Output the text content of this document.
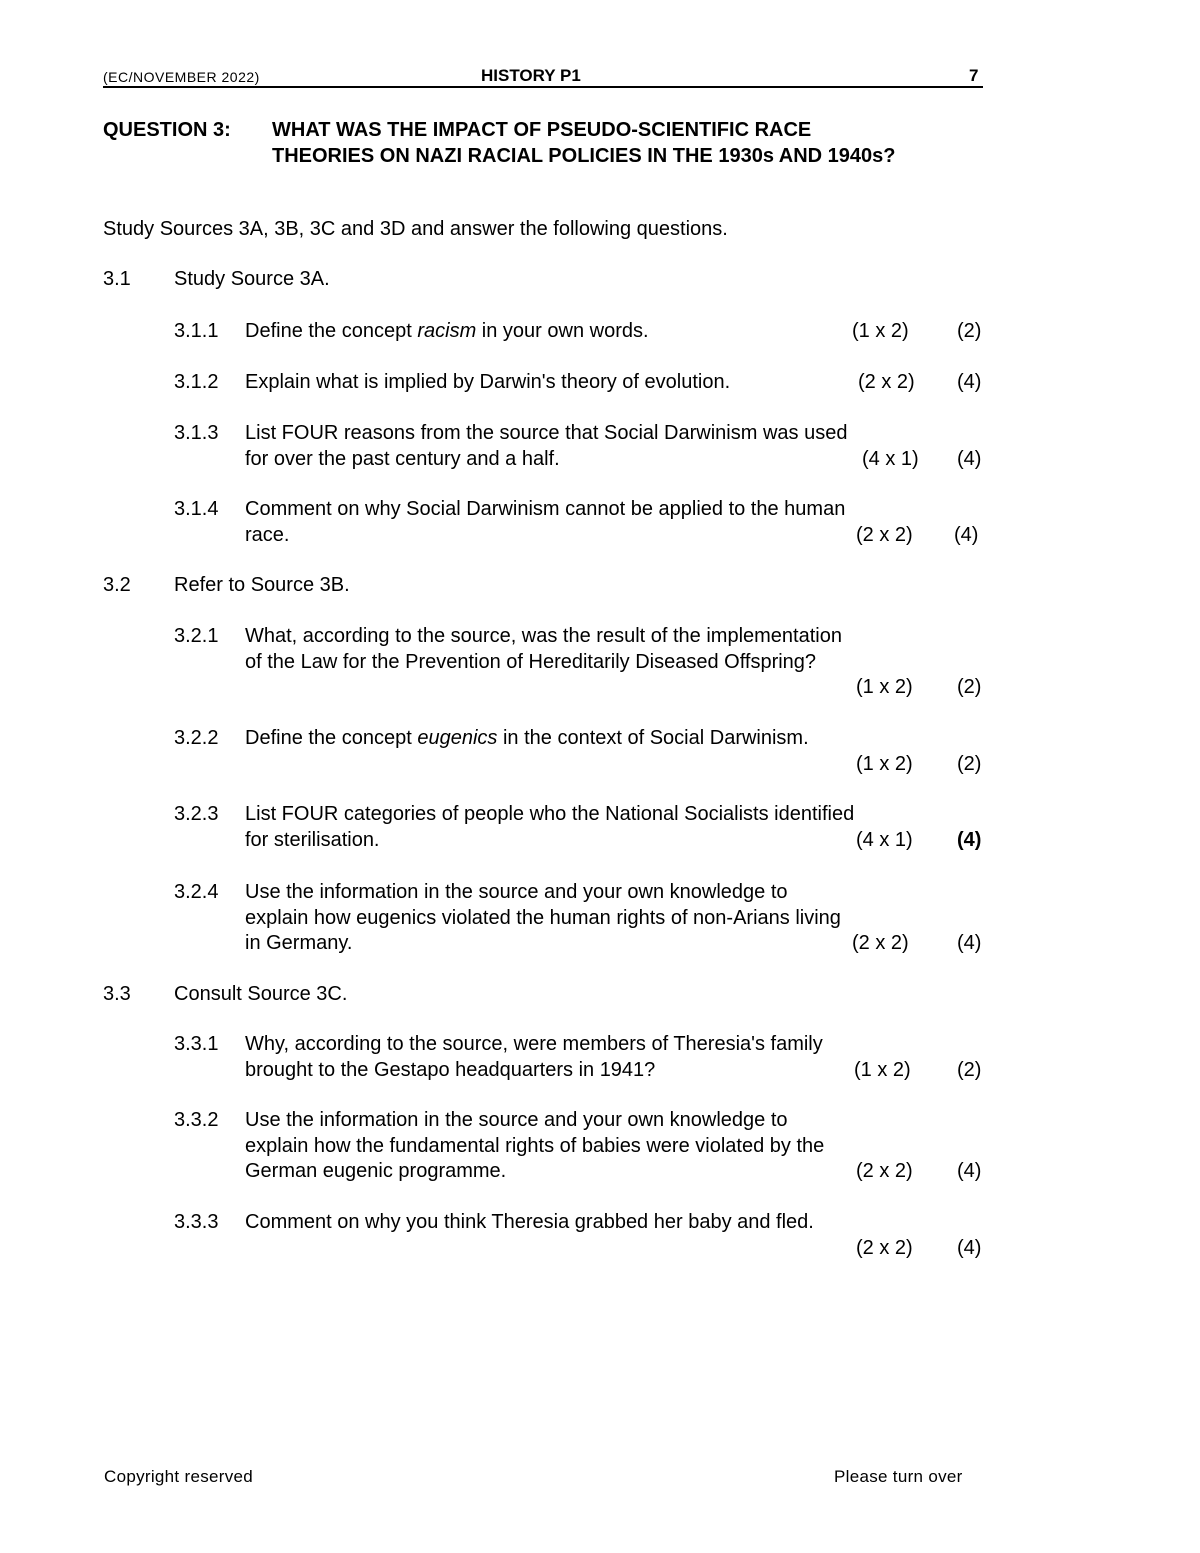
(EC/NOVEMBER 2022)	HISTORY P1	7
QUESTION 3: WHAT WAS THE IMPACT OF PSEUDO-SCIENTIFIC RACE THEORIES ON NAZI RACIAL POLICIES IN THE 1930s AND 1940s?
Study Sources 3A, 3B, 3C and 3D and answer the following questions.
3.1 Study Source 3A.
3.1.1 Define the concept racism in your own words.	(1 x 2) (2)
3.1.2 Explain what is implied by Darwin's theory of evolution.	(2 x 2) (4)
3.1.3 List FOUR reasons from the source that Social Darwinism was used
for over the past century and a half.	(4 x 1) (4)
3.1.4 Comment on why Social Darwinism cannot be applied to the human
race.	(2 x 2) (4)
3.2 Refer to Source 3B.
3.2.1 What, according to the source, was the result of the implementation
of the Law for the Prevention of Hereditarily Diseased Offspring?
(1 x 2) (2)
3.2.2 Define the concept eugenics in the context of Social Darwinism.
(1 x 2) (2)
3.2.3 List FOUR categories of people who the National Socialists identified
for sterilisation.	(4 x 1) (4)
3.2.4 Use the information in the source and your own knowledge to
explain how eugenics violated the human rights of non-Arians living
in Germany.	(2 x 2) (4)
3.3 Consult Source 3C.
3.3.1 Why, according to the source, were members of Theresia's family
brought to the Gestapo headquarters in 1941?	(1 x 2) (2)
3.3.2 Use the information in the source and your own knowledge to
explain how the fundamental rights of babies were violated by the
German eugenic programme.	(2 x 2) (4)
3.3.3 Comment on why you think Theresia grabbed her baby and fled.
(2 x 2) (4)
Copyright reserved	Please turn over
